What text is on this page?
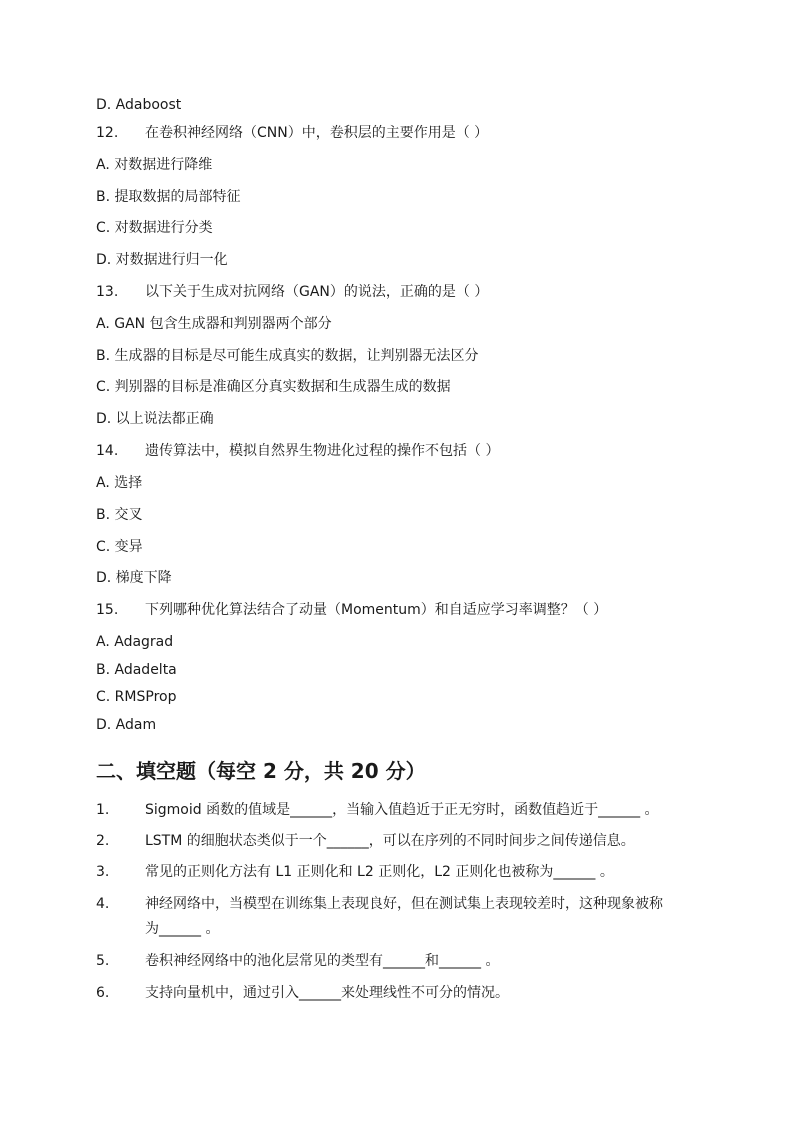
D. Adaboost
12. 在卷积神经网络（CNN）中，卷积层的主要作用是（ ）
A. 对数据进行降维
B. 提取数据的局部特征
C. 对数据进行分类
D. 对数据进行归一化
13. 以下关于生成对抗网络（GAN）的说法，正确的是（ ）
A. GAN 包含生成器和判别器两个部分
B. 生成器的目标是尽可能生成真实的数据，让判别器无法区分
C. 判别器的目标是准确区分真实数据和生成器生成的数据
D. 以上说法都正确
14. 遗传算法中，模拟自然界生物进化过程的操作不包括（ ）
A. 选择
B. 交叉
C. 变异
D. 梯度下降
15. 下列哪种优化算法结合了动量（Momentum）和自适应学习率调整？（ ）
A. Adagrad
B. Adadelta
C. RMSProp
D. Adam
二、填空题（每空 2 分，共 20 分）
1.	Sigmoid 函数的值域是______，当输入值趋近于正无穷时，函数值趋近于______ 。
2.	LSTM 的细胞状态类似于一个______，可以在序列的不同时间步之间传递信息。
3.	常见的正则化方法有 L1 正则化和 L2 正则化，L2 正则化也被称为______ 。
4.	神经网络中，当模型在训练集上表现良好，但在测试集上表现较差时，这种现象被称
为______ 。
5.	卷积神经网络中的池化层常见的类型有______和______ 。
6.	支持向量机中，通过引入______来处理线性不可分的情况。
